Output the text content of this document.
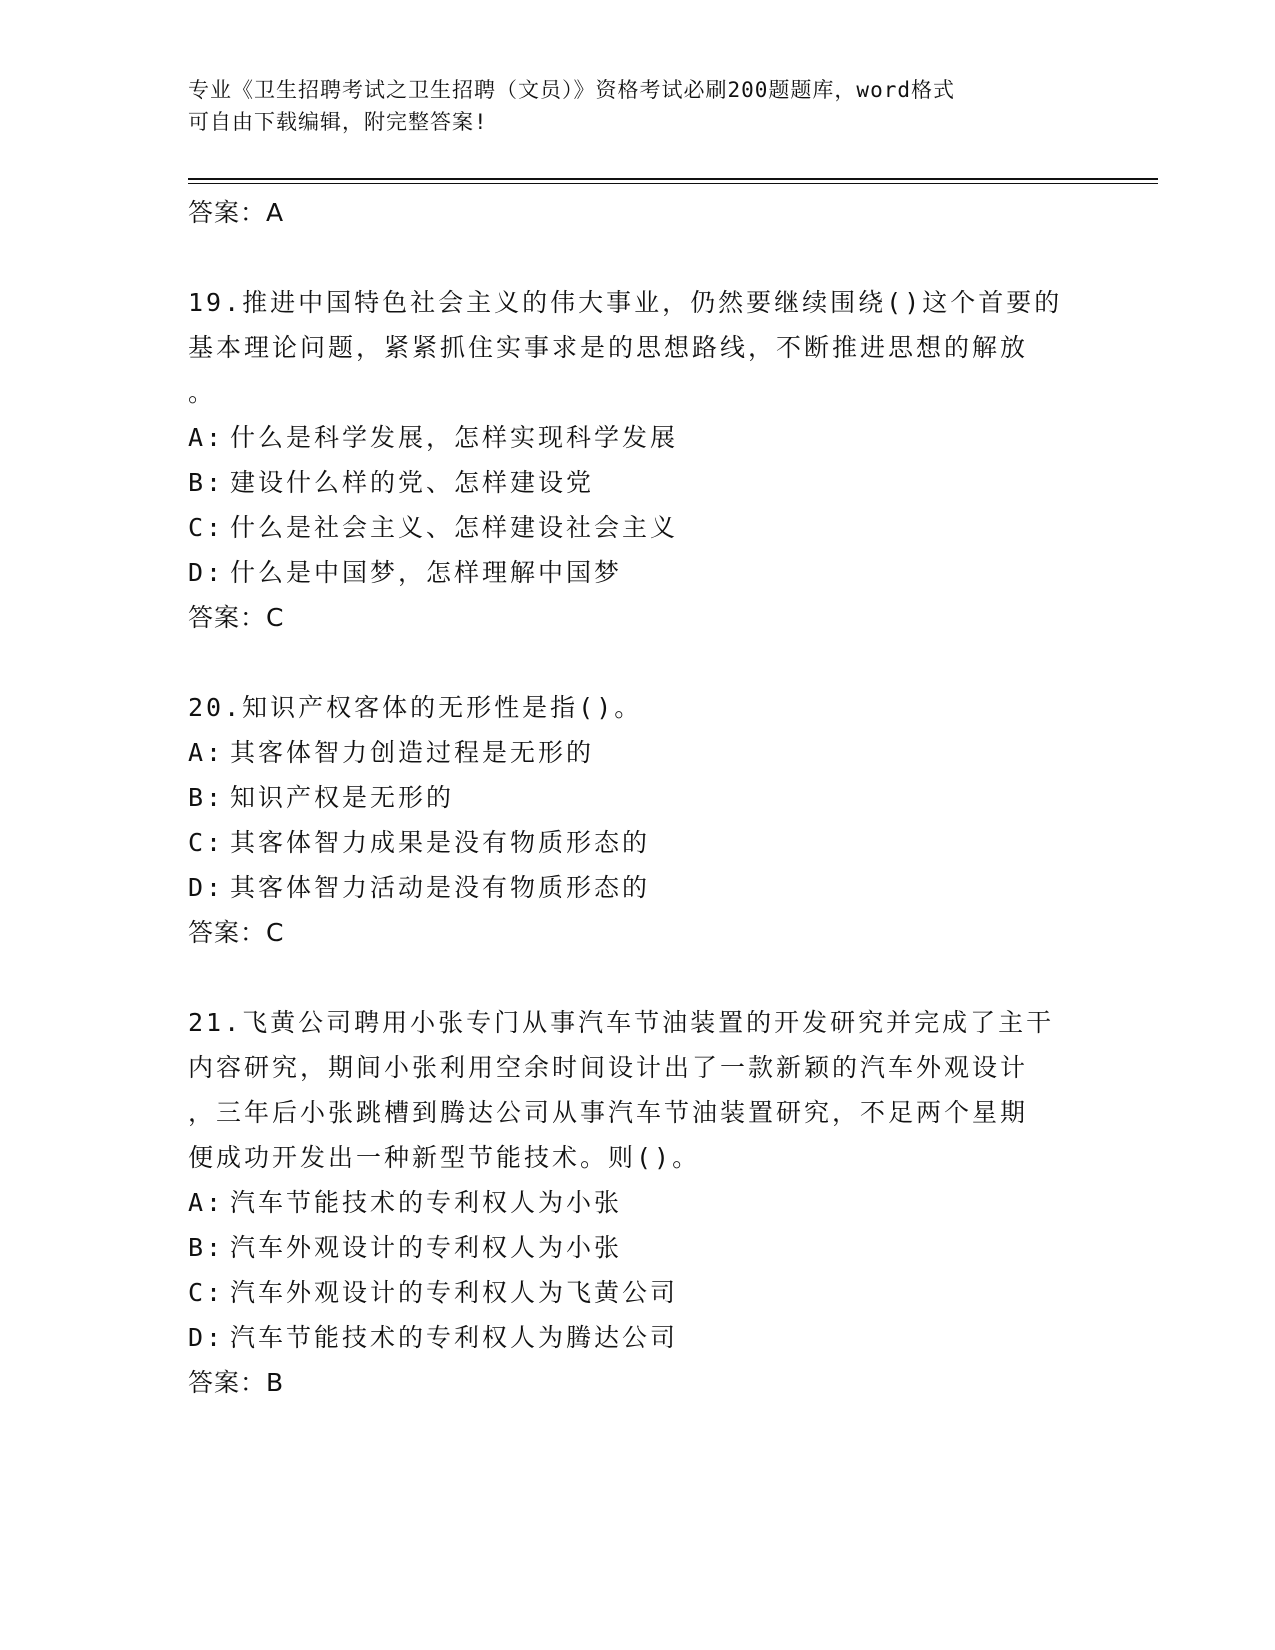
专业《卫生招聘考试之卫生招聘（文员）》资格考试必刷200题题库，word格式
可自由下载编辑，附完整答案!
答案：A
19.推进中国特色社会主义的伟大事业，仍然要继续围绕()这个首要的
基本理论问题，紧紧抓住实事求是的思想路线，不断推进思想的解放
。
A: 什么是科学发展，怎样实现科学发展
B: 建设什么样的党、怎样建设党
C: 什么是社会主义、怎样建设社会主义
D: 什么是中国梦，怎样理解中国梦
答案：C
20.知识产权客体的无形性是指()。
A: 其客体智力创造过程是无形的
B: 知识产权是无形的
C: 其客体智力成果是没有物质形态的
D: 其客体智力活动是没有物质形态的
答案：C
21.飞黄公司聘用小张专门从事汽车节油装置的开发研究并完成了主干
内容研究，期间小张利用空余时间设计出了一款新颖的汽车外观设计
，三年后小张跳槽到腾达公司从事汽车节油装置研究，不足两个星期
便成功开发出一种新型节能技术。则()。
A: 汽车节能技术的专利权人为小张
B: 汽车外观设计的专利权人为小张
C: 汽车外观设计的专利权人为飞黄公司
D: 汽车节能技术的专利权人为腾达公司
答案：B
